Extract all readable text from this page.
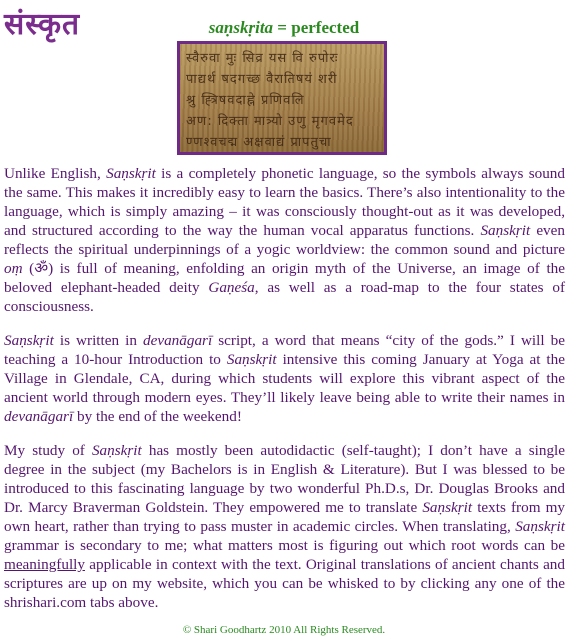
संस्कृत	saṇskṛita = perfected
स्वैरुवा मुः सिव्र यस वि रुपोरः
पाद्यर्थ षदगच्छ वैरातिषयं शरी
श्रु ह्त्रिषवदाह्ने प्रणिवलि
अण: दिक्ता मात्र्यो उणु मृगवमेद
ण्णश्वचद्म अक्षवाद्यं प्रापतुचा

Unlike English, Saṇskṛit is a completely phonetic language, so the symbols always sound the same. This makes it incredibly easy to learn the basics. There’s also intentionality to the language, which is simply amazing – it was consciously thought-out as it was developed, and structured according to the way the human vocal apparatus functions. Saṇskṛit even reflects the spiritual underpinnings of a yogic worldview: the common sound and picture oṃ (ॐ) is full of meaning, enfolding an origin myth of the Universe, an image of the beloved elephant-headed deity Gaṇeśa, as well as a road-map to the four states of consciousness.

Saṇskṛit is written in devanāgarī script, a word that means “city of the gods.” I will be teaching a 10-hour Introduction to Saṇskṛit intensive this coming January at Yoga at the Village in Glendale, CA, during which students will explore this vibrant aspect of the ancient world through modern eyes. They’ll likely leave being able to write their names in devanāgarī by the end of the weekend!

My study of Saṇskṛit has mostly been autodidactic (self-taught); I don’t have a single degree in the subject (my Bachelors is in English & Literature). But I was blessed to be introduced to this fascinating language by two wonderful Ph.D.s, Dr. Douglas Brooks and Dr. Marcy Braverman Goldstein. They empowered me to translate Saṇskṛit texts from my own heart, rather than trying to pass muster in academic circles. When translating, Saṇskṛit grammar is secondary to me; what matters most is figuring out which root words can be meaningfully applicable in context with the text. Original translations of ancient chants and scriptures are up on my website, which you can be whisked to by clicking any one of the shrishari.com tabs above.

© Shari Goodhartz 2010 All Rights Reserved.
